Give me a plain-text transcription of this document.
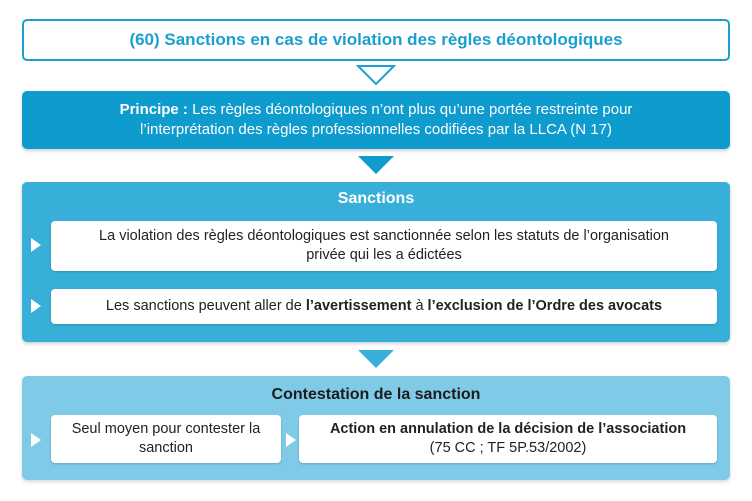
(60) Sanctions en cas de violation des règles déontologiques
Principe : Les règles déontologiques n’ont plus qu’une portée restreinte pour
l’interprétation des règles professionnelles codifiées par la LLCA (N 17)
Sanctions
La violation des règles déontologiques est sanctionnée selon les statuts de l’organisation
privée qui les a édictées
Les sanctions peuvent aller de l’avertissement à l’exclusion de l’Ordre des avocats
Contestation de la sanction
Seul moyen pour contester la
sanction
Action en annulation de la décision de l’association
(75 CC ; TF 5P.53/2002)
